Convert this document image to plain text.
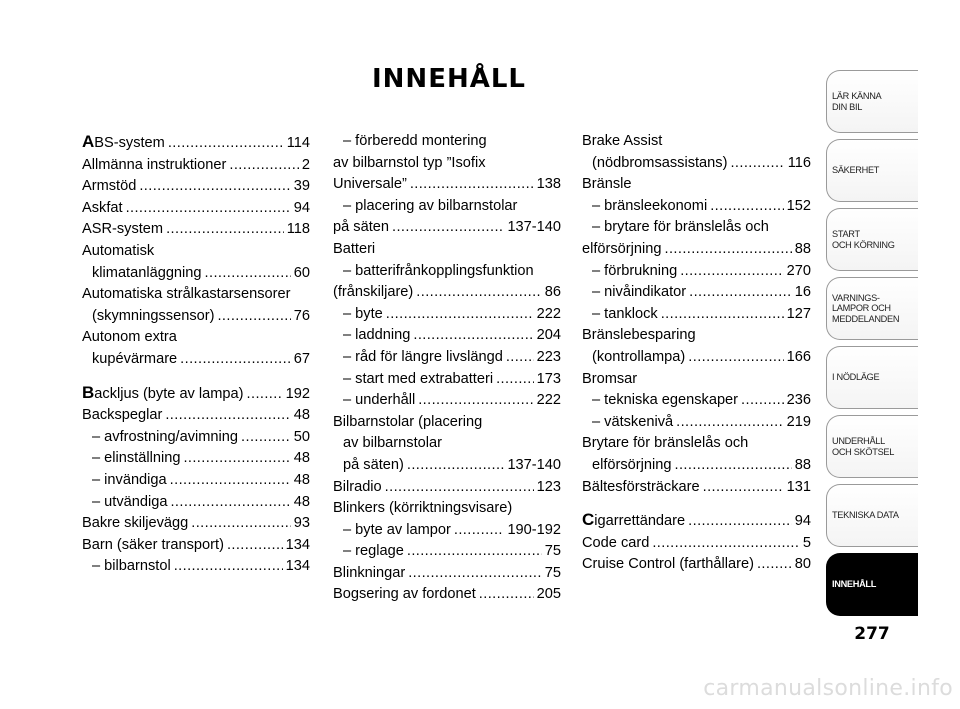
INNEHÅLL
ABS-system .....	114
Allmänna instruktioner .....	2
Armstöd .....	39
Askfat .....	94
ASR-system .....	118
Automatisk
klimatanläggning .....	60
Automatiska strålkastarsensorer
(skymningssensor) .....	76
Autonom extra
kupévärmare .....	67
Backljus (byte av lampa) .....	192
Backspeglar .....	48
– avfrostning/avimning .....	50
– elinställning .....	48
– invändiga .....	48
– utvändiga .....	48
Bakre skiljevägg .....	93
Barn (säker transport) .....	134
– bilbarnstol .....	134
– förberedd montering
av bilbarnstol typ ”Isofix
Universale” .....	138
– placering av bilbarnstolar
på säten .....	137-140
Batteri
– batterifrånkopplingsfunktion
(frånskiljare) .....	86
– byte .....	222
– laddning .....	204
– råd för längre livslängd ..... 223
– start med extrabatteri .....	173
– underhåll .....	222
Bilbarnstolar (placering
av bilbarnstolar
på säten) .....	137-140
Bilradio .....	123
Blinkers (körriktningsvisare)
– byte av lampor .....	190-192
– reglage .....	75
Blinkningar .....	75
Bogsering av fordonet .....	205
Brake Assist
(nödbromsassistans) .....	116
Bränsle
– bränsleekonomi .....	152
– brytare för bränslelås och
elförsörjning .....	88
– förbrukning .....	270
– nivåindikator .....	16
– tanklock .....	127
Bränslebesparing
(kontrollampa) .....	166
Bromsar
– tekniska egenskaper .....	236
– vätskenivå .....	219
Brytare för bränslelås och
elförsörjning .....	88
Bältesförsträckare .....	131
Cigarrettändare .....	94
Code card .....	5
Cruise Control (farthållare) .....	80
LÄR KÄNNA
DIN BIL
SÄKERHET
START
OCH KÖRNING
VARNINGS-
LAMPOR OCH
MEDDELANDEN
I NÖDLÄGE
UNDERHÅLL
OCH SKÖTSEL
TEKNISKA DATA
INNEHÅLL
277
carmanualsonline.info
